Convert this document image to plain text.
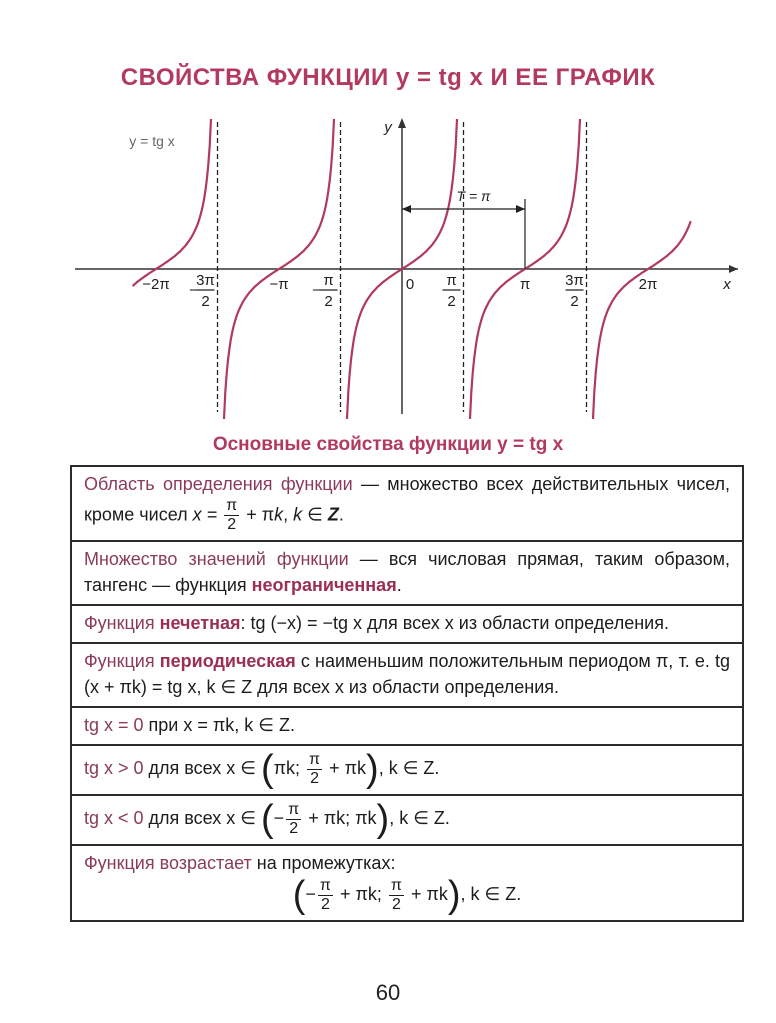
СВОЙСТВА ФУНКЦИИ y = tg x И ЕЕ ГРАФИК
x
y
y = tg x
−2π −
3π
2
−π −
π
2
0 π
2
π 3π
2
2π
T = π
Основные свойства функции y = tg x
Область определения функции — множество всех действительных чисел, кроме чисел $x = \frac{\pi}{2} + \pi k$, k ∈ Z.
Множество значений функции — вся числовая прямая, таким образом, тангенс — функция неограниченная.
Функция нечетная: tg (−x) = −tg x для всех x из области определения.
Функция периодическая с наименьшим положительным периодом π, т. е. tg (x + πk) = tg x, k ∈ Z для всех x из области определения.
tg x = 0 при x = πk, k ∈ Z.
tg x > 0 для всех x ∈ (πk; $\frac{\pi}{2} + \pi k$), k ∈ Z.
tg x < 0 для всех x ∈ (− $\frac{\pi}{2} + \pi k$; πk), k ∈ Z.
Функция возрастает на промежутках:
(− $\frac{\pi}{2} + \pi k$; $\frac{\pi}{2} + \pi k$), k ∈ Z.
60
